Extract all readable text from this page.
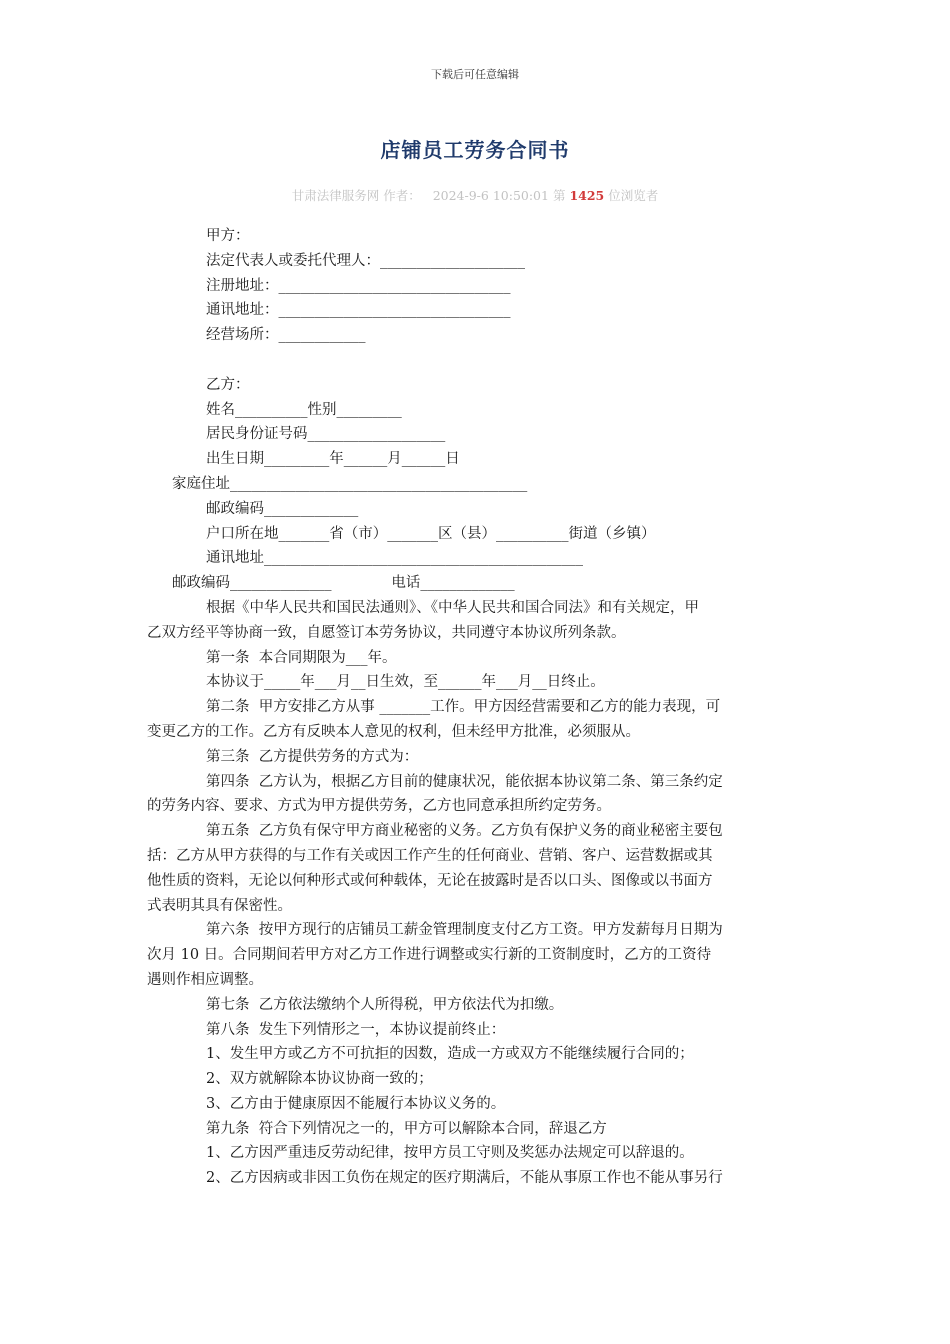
下载后可任意编辑
店铺员工劳务合同书
甘肃法律服务网 作者： 2024-9-6 10:50:01 第 1425 位浏览者
甲方：
法定代表人或委托代理人：____________________
注册地址：________________________________
通讯地址：________________________________
经营场所：____________
乙方：
姓名__________性别_________
居民身份证号码___________________
出生日期_________年______月______日
家庭住址_________________________________________
邮政编码_____________
户口所在地_______省（市）_______区（县）__________街道（乡镇）
通讯地址____________________________________________
邮政编码______________             电话_____________
根据《中华人民共和国民法通则》、《中华人民共和国合同法》和有关规定，甲
乙双方经平等协商一致，自愿签订本劳务协议，共同遵守本协议所列条款。
第一条  本合同期限为___年。
本协议于_____年___月__日生效，至______年___月__日终止。
第二条  甲方安排乙方从事 _______工作。甲方因经营需要和乙方的能力表现，可
变更乙方的工作。乙方有反映本人意见的权利，但未经甲方批准，必须服从。
第三条  乙方提供劳务的方式为：
第四条  乙方认为，根据乙方目前的健康状况，能依据本协议第二条、第三条约定
的劳务内容、要求、方式为甲方提供劳务，乙方也同意承担所约定劳务。
第五条  乙方负有保守甲方商业秘密的义务。乙方负有保护义务的商业秘密主要包
括：乙方从甲方获得的与工作有关或因工作产生的任何商业、营销、客户、运营数据或其
他性质的资料，无论以何种形式或何种载体，无论在披露时是否以口头、图像或以书面方
式表明其具有保密性。
第六条  按甲方现行的店铺员工薪金管理制度支付乙方工资。甲方发薪每月日期为
次月 10 日。合同期间若甲方对乙方工作进行调整或实行新的工资制度时，乙方的工资待
遇则作相应调整。
第七条  乙方依法缴纳个人所得税，甲方依法代为扣缴。
第八条  发生下列情形之一，本协议提前终止：
1、发生甲方或乙方不可抗拒的因数，造成一方或双方不能继续履行合同的；
2、双方就解除本协议协商一致的；
3、乙方由于健康原因不能履行本协议义务的。
第九条  符合下列情况之一的，甲方可以解除本合同，辞退乙方
1、乙方因严重违反劳动纪律，按甲方员工守则及奖惩办法规定可以辞退的。
2、乙方因病或非因工负伤在规定的医疗期满后，不能从事原工作也不能从事另行
